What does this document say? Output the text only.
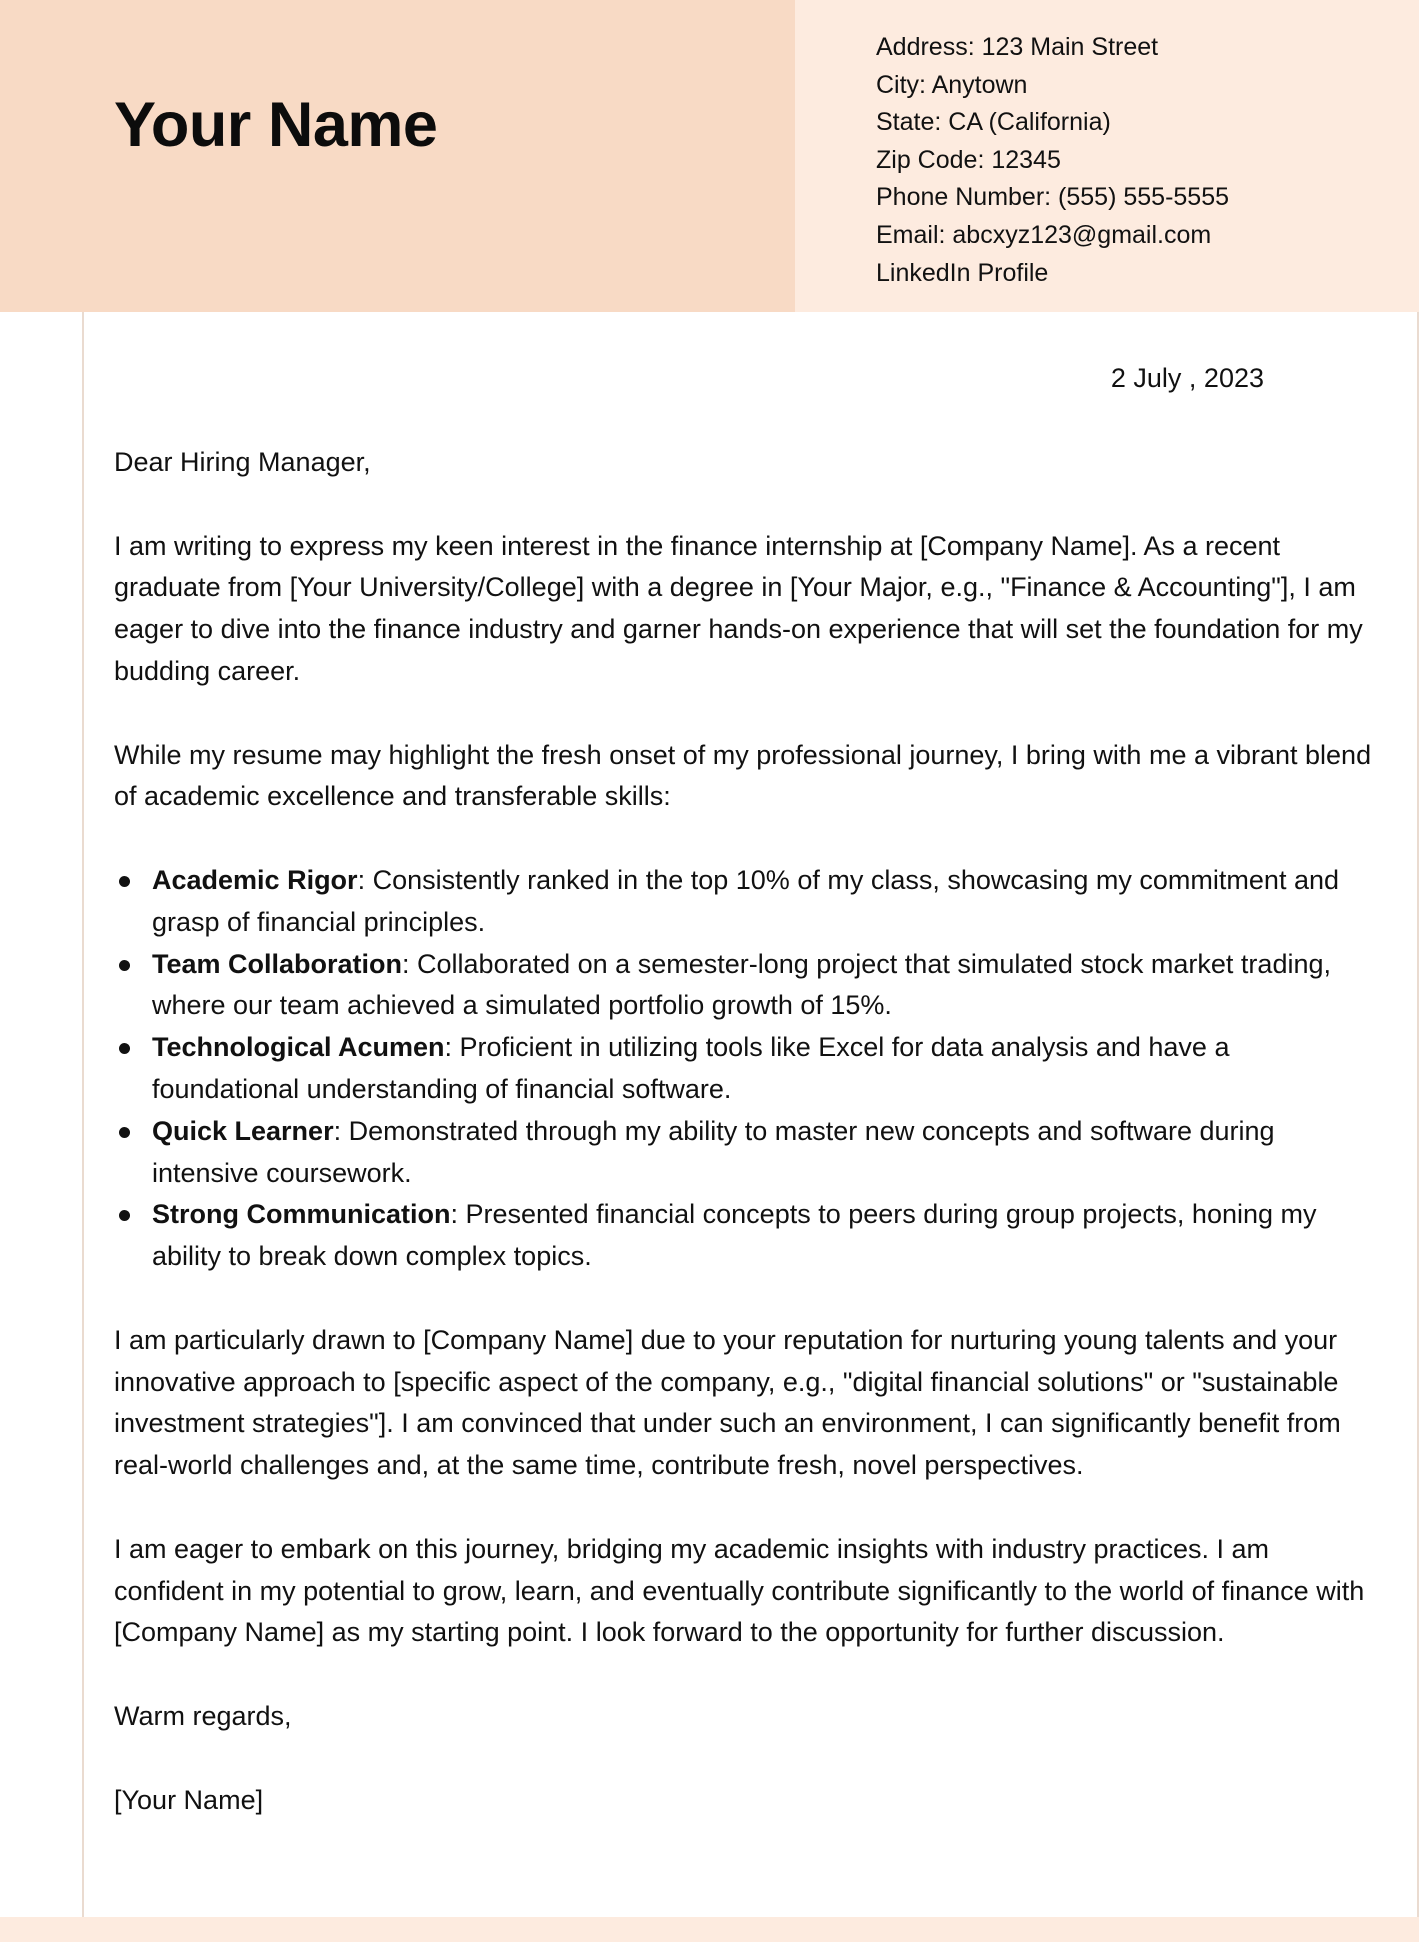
Your Name
Address: 123 Main Street
City: Anytown
State: CA (California)
Zip Code: 12345
Phone Number: (555) 555-5555
Email: abcxyz123@gmail.com
LinkedIn Profile
2 July , 2023

Dear Hiring Manager,

I am writing to express my keen interest in the finance internship at [Company Name]. As a recent graduate from [Your University/College] with a degree in [Your Major, e.g., "Finance & Accounting"], I am eager to dive into the finance industry and garner hands-on experience that will set the foundation for my budding career.

While my resume may highlight the fresh onset of my professional journey, I bring with me a vibrant blend of academic excellence and transferable skills:

Academic Rigor: Consistently ranked in the top 10% of my class, showcasing my commitment and grasp of financial principles.
Team Collaboration: Collaborated on a semester-long project that simulated stock market trading, where our team achieved a simulated portfolio growth of 15%.
Technological Acumen: Proficient in utilizing tools like Excel for data analysis and have a foundational understanding of financial software.
Quick Learner: Demonstrated through my ability to master new concepts and software during intensive coursework.
Strong Communication: Presented financial concepts to peers during group projects, honing my ability to break down complex topics.

I am particularly drawn to [Company Name] due to your reputation for nurturing young talents and your innovative approach to [specific aspect of the company, e.g., "digital financial solutions" or "sustainable investment strategies"]. I am convinced that under such an environment, I can significantly benefit from real-world challenges and, at the same time, contribute fresh, novel perspectives.

I am eager to embark on this journey, bridging my academic insights with industry practices. I am confident in my potential to grow, learn, and eventually contribute significantly to the world of finance with [Company Name] as my starting point. I look forward to the opportunity for further discussion.

Warm regards,

[Your Name]
